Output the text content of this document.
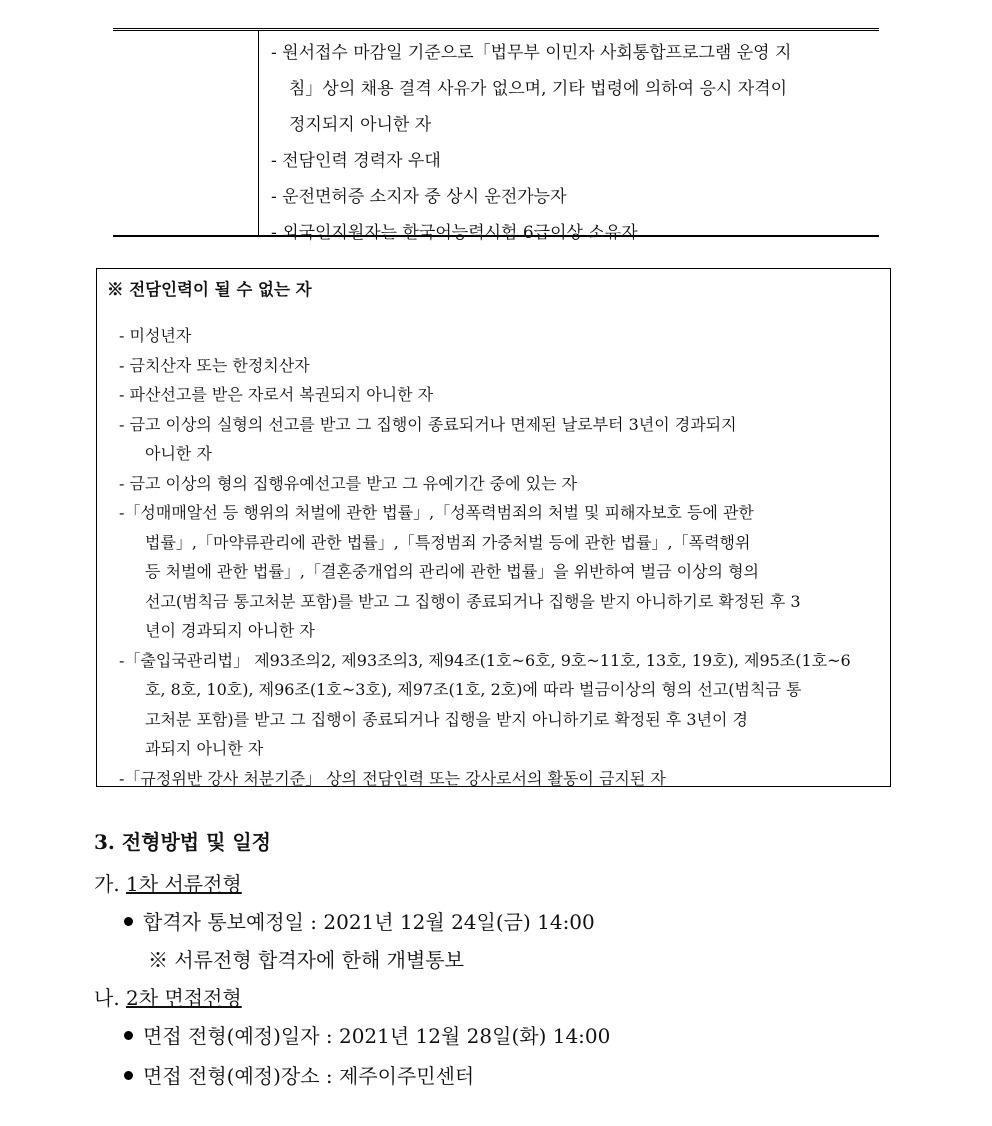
- 원서접수 마감일 기준으로「법무부 이민자 사회통합프로그램 운영 지
침」상의 채용 결격 사유가 없으며, 기타 법령에 의하여 응시 자격이
정지되지 아니한 자
- 전담인력 경력자 우대
- 운전면허증 소지자 중 상시 운전가능자
- 외국인지원자는 한국어능력시험 6급이상 소유자
※ 전담인력이 될 수 없는 자
- 미성년자
- 금치산자 또는 한정치산자
- 파산선고를 받은 자로서 복권되지 아니한 자
- 금고 이상의 실형의 선고를 받고 그 집행이 종료되거나 면제된 날로부터 3년이 경과되지
아니한 자
- 금고 이상의 형의 집행유예선고를 받고 그 유예기간 중에 있는 자
-「성매매알선 등 행위의 처벌에 관한 법률」,「성폭력범죄의 처벌 및 피해자보호 등에 관한
법률」,「마약류관리에 관한 법률」,「특정범죄 가중처벌 등에 관한 법률」,「폭력행위
등 처벌에 관한 법률」,「결혼중개업의 관리에 관한 법률」을 위반하여 벌금 이상의 형의
선고(범칙금 통고처분 포함)를 받고 그 집행이 종료되거나 집행을 받지 아니하기로 확정된 후 3
년이 경과되지 아니한 자
-「출입국관리법」 제93조의2, 제93조의3, 제94조(1호~6호, 9호~11호, 13호, 19호), 제95조(1호~6
호, 8호, 10호), 제96조(1호~3호), 제97조(1호, 2호)에 따라 벌금이상의 형의 선고(범칙금 통
고처분 포함)를 받고 그 집행이 종료되거나 집행을 받지 아니하기로 확정된 후 3년이 경
과되지 아니한 자
-「규정위반 강사 처분기준」 상의 전담인력 또는 강사로서의 활동이 금지된 자
3. 전형방법 및 일정
가. 1차 서류전형
합격자 통보예정일 : 2021년 12월 24일(금) 14:00
※ 서류전형 합격자에 한해 개별통보
나. 2차 면접전형
면접 전형(예정)일자 : 2021년 12월 28일(화) 14:00
면접 전형(예정)장소 : 제주이주민센터
